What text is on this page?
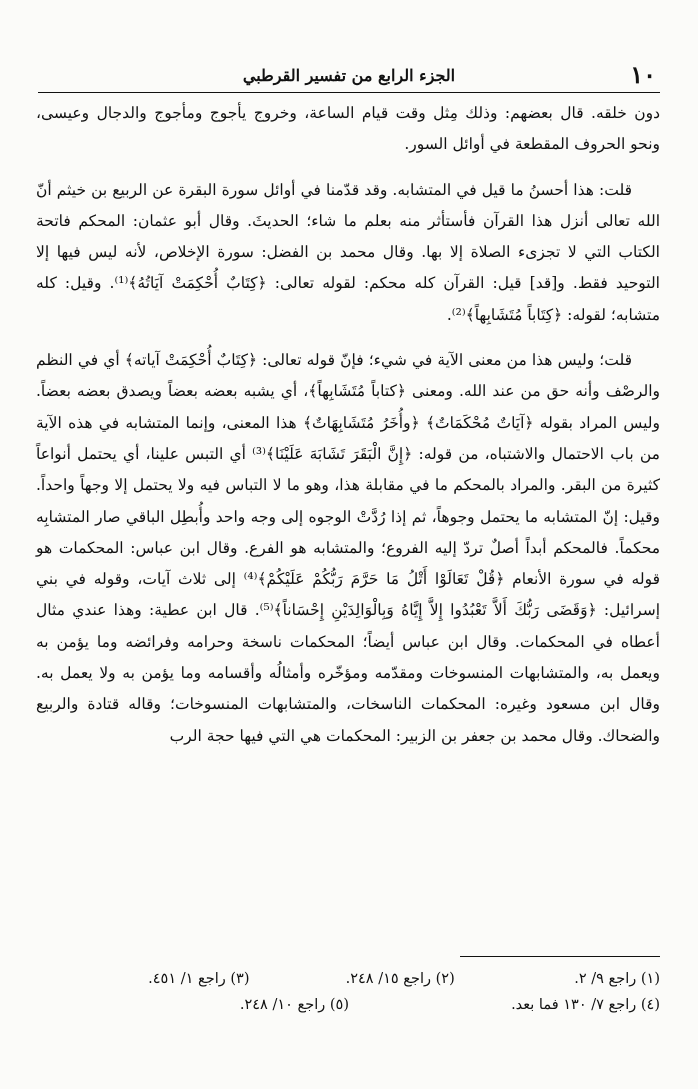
١٠
الجزء الرابع من تفسير القرطبي

دون خلقه. قال بعضهم: وذلك مِثل وقت قيام الساعة، وخروج يأجوج ومأجوج والدجال وعيسى، ونحو الحروف المقطعة في أوائل السور.

قلت: هذا أحسنُ ما قيل في المتشابه. وقد قدّمنا في أوائل سورة البقرة عن الربيع بن خيثم أنّ الله تعالى أنزل هذا القرآن فأستأثر منه بعلم ما شاء؛ الحديثَ. وقال أبو عثمان: المحكم فاتحة الكتاب التي لا تجزىء الصلاة إلا بها. وقال محمد بن الفضل: سورة الإخلاص، لأنه ليس فيها إلا التوحيد فقط. و[قد] قيل: القرآن كله محكم: لقوله تعالى: ﴿كِتَابٌ أُحْكِمَتْ آيَاتُهُ﴾⁽¹⁾. وقيل: كله متشابه؛ لقوله: ﴿كِتَاباً مُتَشَابِهاً﴾⁽²⁾.

قلت؛ وليس هذا من معنى الآية في شيء؛ فإنّ قوله تعالى: ﴿كِتَابٌ أُحْكِمَتْ آياته﴾ أي في النظم والرصْف وأنه حق من عند الله. ومعنى ﴿كتاباً مُتَشَابِهاً﴾، أي يشبه بعضه بعضاً ويصدق بعضه بعضاً. وليس المراد بقوله ﴿آيَاتٌ مُحْكَمَاتٌ﴾ ﴿وأُخَرُ مُتَشَابِهَاتٌ﴾ هذا المعنى، وإنما المتشابه في هذه الآية من باب الاحتمال والاشتباه، من قوله: ﴿إِنَّ الْبَقَرَ تَشَابَهَ عَلَيْنَا﴾⁽³⁾ أي التبس علينا، أي يحتمل أنواعاً كثيرة من البقر. والمراد بالمحكم ما في مقابلة هذا، وهو ما لا التباس فيه ولا يحتمل إلا وجهاً واحداً. وقيل: إنّ المتشابه ما يحتمل وجوهاً، ثم إذا رُدَّتْ الوجوه إلى وجه واحد وأُبطِل الباقي صار المتشابِه محكماً. فالمحكم أبداً أصلٌ تردّ إليه الفروع؛ والمتشابه هو الفرع. وقال ابن عباس: المحكمات هو قوله في سورة الأنعام ﴿قُلْ تَعَالَوْا أَتْلُ مَا حَرَّمَ رَبُّكُمْ عَلَيْكُمْ﴾⁽⁴⁾ إلى ثلاث آيات، وقوله في بني إسرائيل: ﴿وَقَضَى رَبُّكَ أَلاَّ تَعْبُدُوا إِلاَّ إِيَّاهُ وَبِالْوَالِدَيْنِ إِحْسَاناً﴾⁽⁵⁾. قال ابن عطية: وهذا عندي مثال أعطاه في المحكمات. وقال ابن عباس أيضاً؛ المحكمات ناسخة وحرامه وفرائضه وما يؤمن به ويعمل به، والمتشابهات المنسوخات ومقدّمه ومؤخّره وأمثالُه وأقسامه وما يؤمن به ولا يعمل به. وقال ابن مسعود وغيره: المحكمات الناسخات، والمتشابهات المنسوخات؛ وقاله قتادة والربيع والضحاك. وقال محمد بن جعفر بن الزبير: المحكمات هي التي فيها حجة الرب

(١) راجع ٩/ ٢.
(٢) راجع ١٥/ ٢٤٨.
(٣) راجع ١/ ٤٥١.
(٤) راجع ٧/ ١٣٠ فما بعد.
(٥) راجع ١٠/ ٢٤٨.
